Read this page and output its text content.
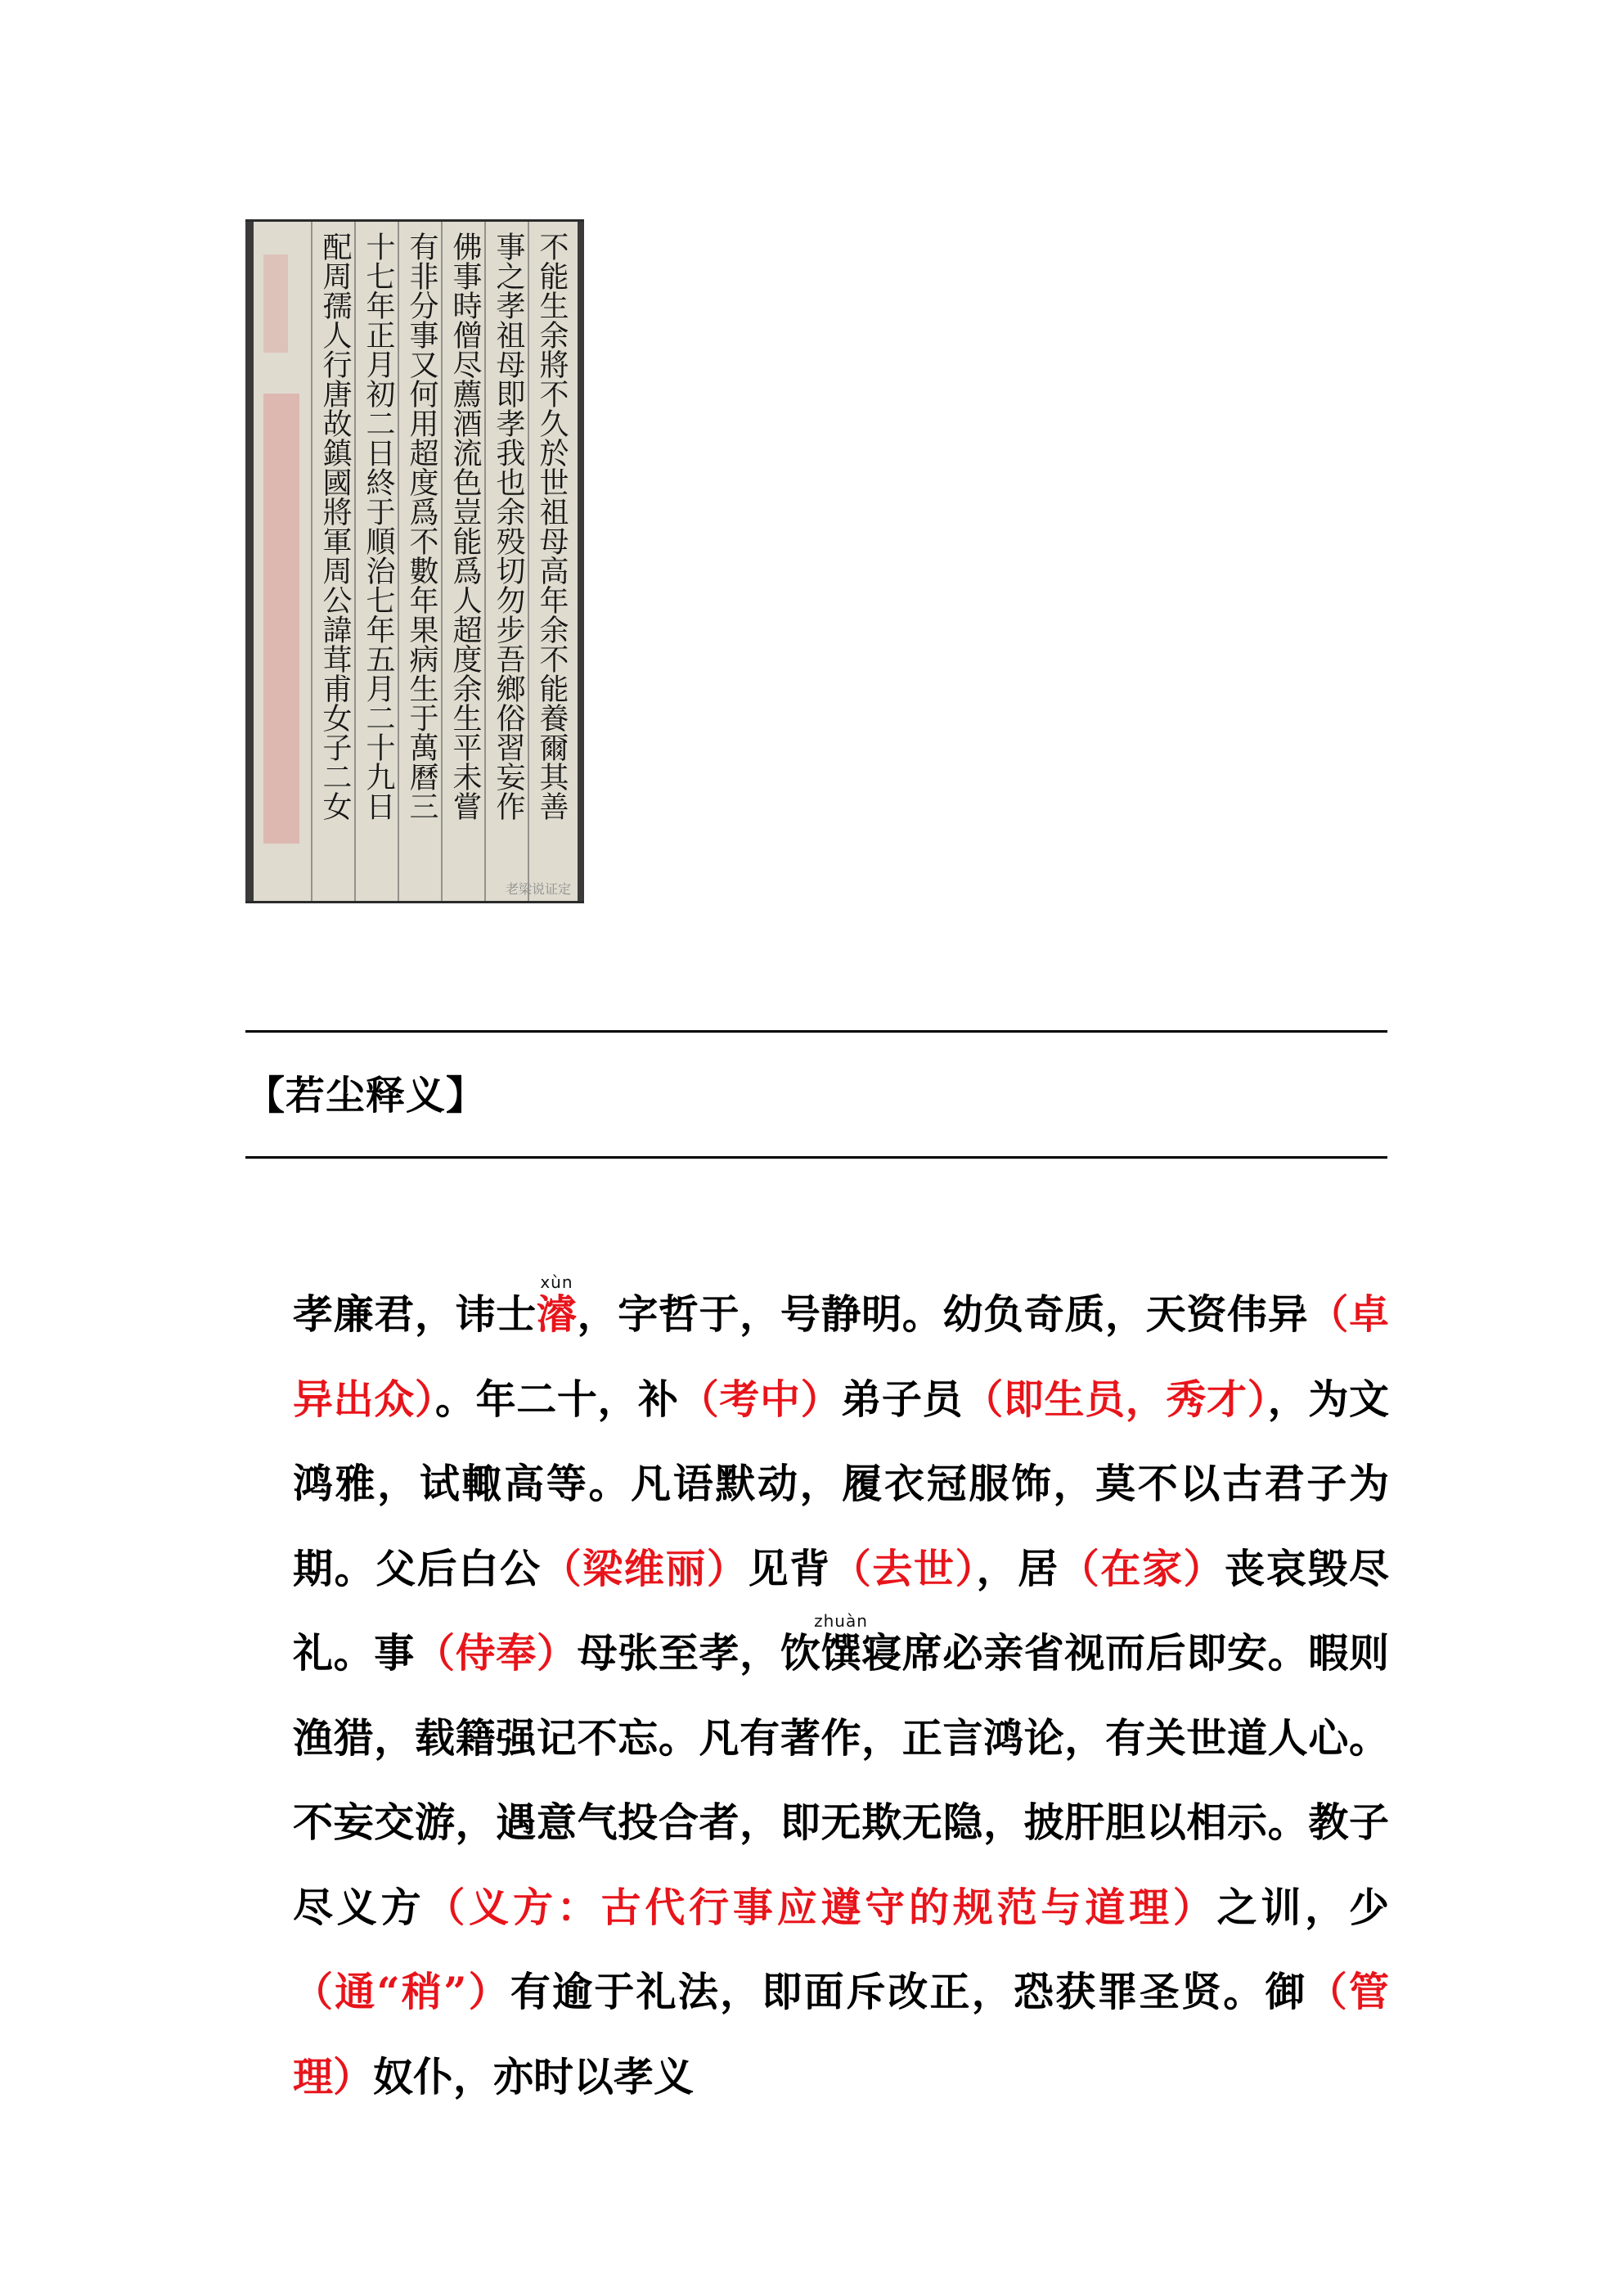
不能生余將不久於世祖母高年余不能養爾其善
事之孝祖母即孝我也余殁切勿步吾鄉俗習妄作
佛事時僧尽薦酒流色豈能爲人超度余生平未嘗
有非分事又何用超度爲不數年果病生于萬曆三
十七年正月初二日終于順治七年五月二十九日
配周孺人行唐故鎮國將軍周公諱茸甫女子二女
老梁说证定
【若尘释义】
孝廉君，讳士濬xùn，字哲于，号静明。幼负奇质，天资伟异（卓异出众）。年二十，补（考中）弟子员（即生员，秀才），为文鸿雅，试輙高等。凡语默动，履衣冠服饰，莫不以古君子为期。父后白公（梁维丽）见背（去世），居（在家）丧哀毁尽礼。事（侍奉）母张至孝，饮馔zhuàn寝席必亲省视而后即安。暇则渔猎，载籍强记不忘。凡有著作，正言鸿论，有关世道人心。不妄交游，遇意气投合者，即无欺无隐，披肝胆以相示。教子尽义方（义方：古代行事应遵守的规范与道理）之训，少（通“稍”）有逾于礼法，即面斥改正，恐获罪圣贤。御（管理）奴仆，亦时以孝义
